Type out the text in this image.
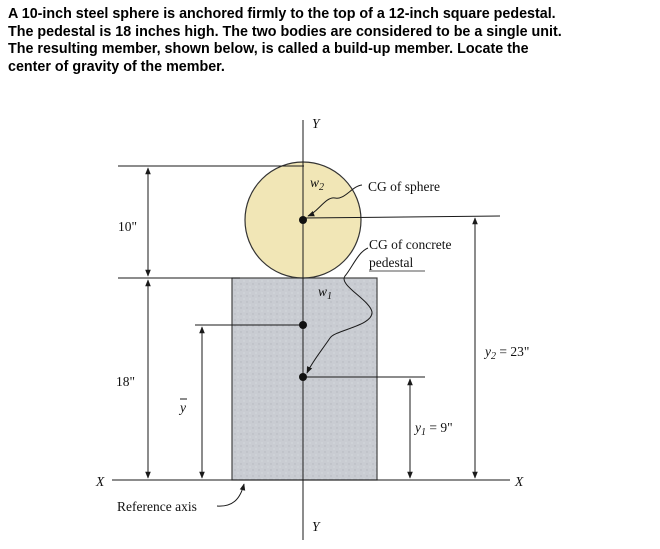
A 10-inch steel sphere is anchored firmly to the top of a 12-inch square pedestal.
The pedestal is 18 inches high. The two bodies are considered to be a single unit.
The resulting member, shown below, is called a build-up member. Locate the
center of gravity of the member.
Y
Y
X	X
10"
18"
y
$y_2 = 23$"
$y_1 = 9$"
$w_2$
$w_1$
CG of sphere
CG of concrete
pedestal
Reference axis
